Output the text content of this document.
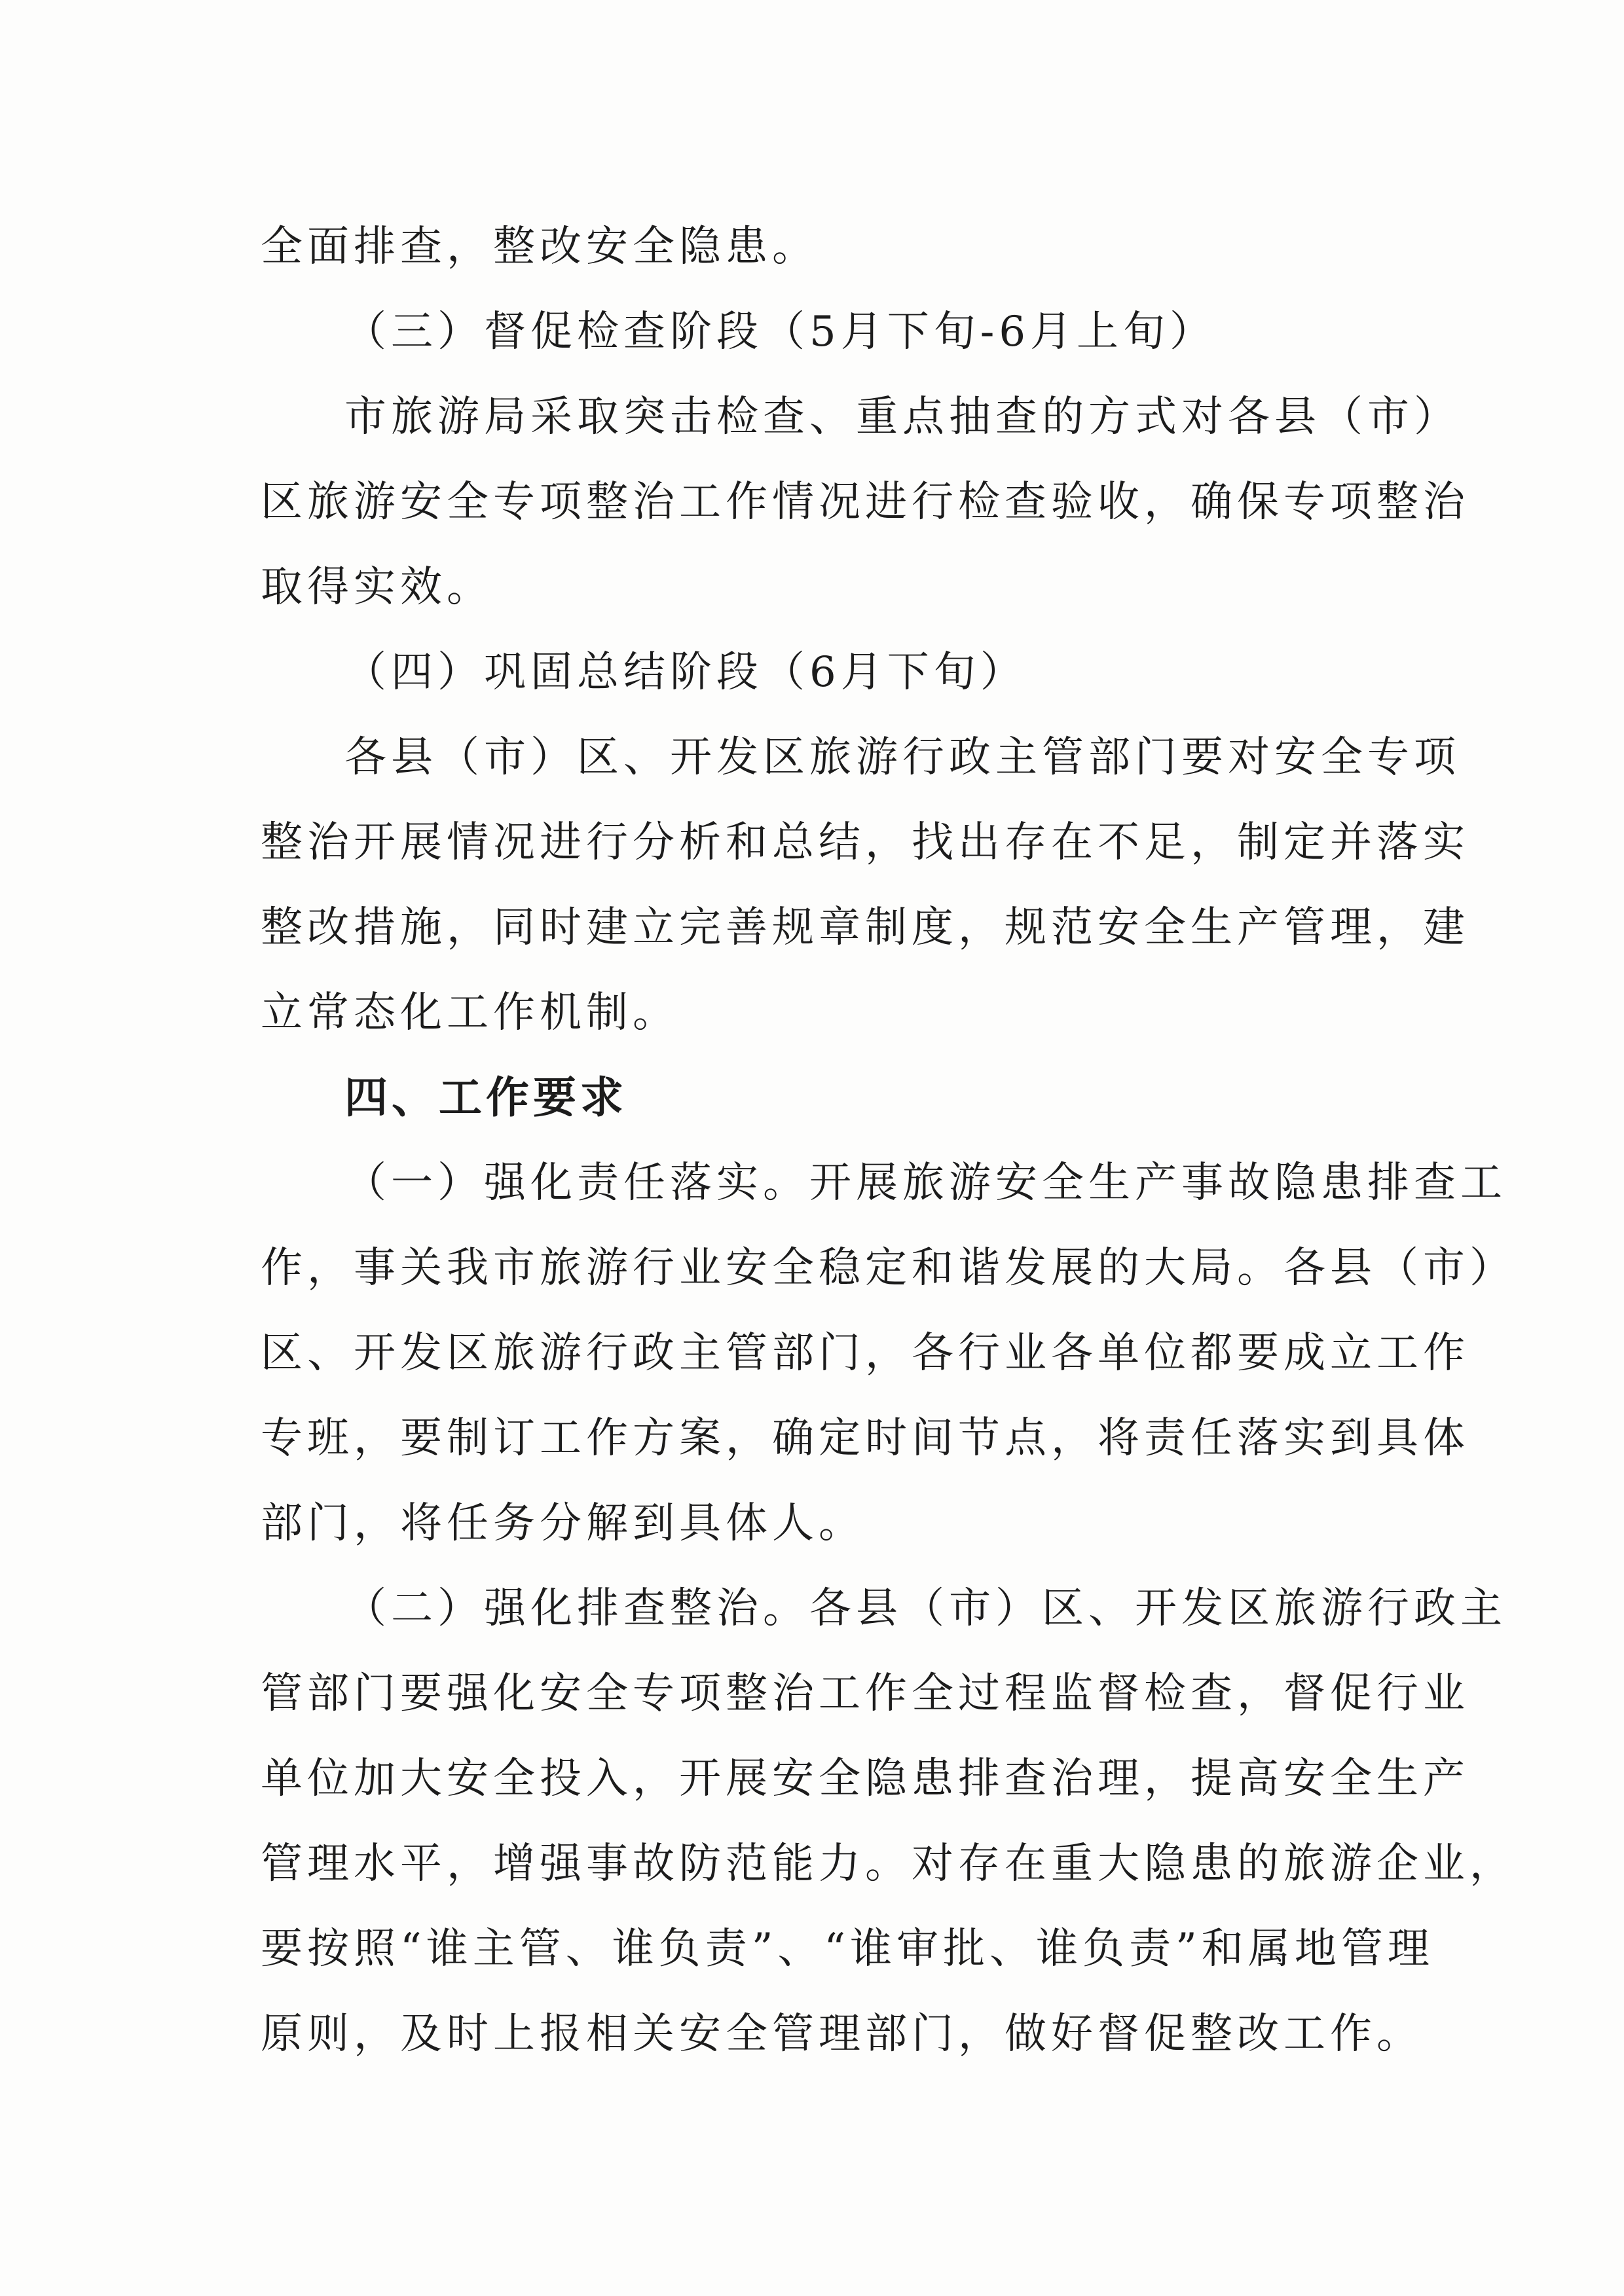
全面排查，整改安全隐患。
（三）督促检查阶段（5月下旬-6月上旬）
市旅游局采取突击检查、重点抽查的方式对各县（市）
区旅游安全专项整治工作情况进行检查验收，确保专项整治
取得实效。
（四）巩固总结阶段（6月下旬）
各县（市）区、开发区旅游行政主管部门要对安全专项
整治开展情况进行分析和总结，找出存在不足，制定并落实
整改措施，同时建立完善规章制度，规范安全生产管理，建
立常态化工作机制。
四、工作要求
（一）强化责任落实。开展旅游安全生产事故隐患排查工
作，事关我市旅游行业安全稳定和谐发展的大局。各县（市）
区、开发区旅游行政主管部门，各行业各单位都要成立工作
专班，要制订工作方案，确定时间节点，将责任落实到具体
部门，将任务分解到具体人。
（二）强化排查整治。各县（市）区、开发区旅游行政主
管部门要强化安全专项整治工作全过程监督检查，督促行业
单位加大安全投入，开展安全隐患排查治理，提高安全生产
管理水平，增强事故防范能力。对存在重大隐患的旅游企业，
要按照“谁主管、谁负责”、“谁审批、谁负责”和属地管理
原则，及时上报相关安全管理部门，做好督促整改工作。
